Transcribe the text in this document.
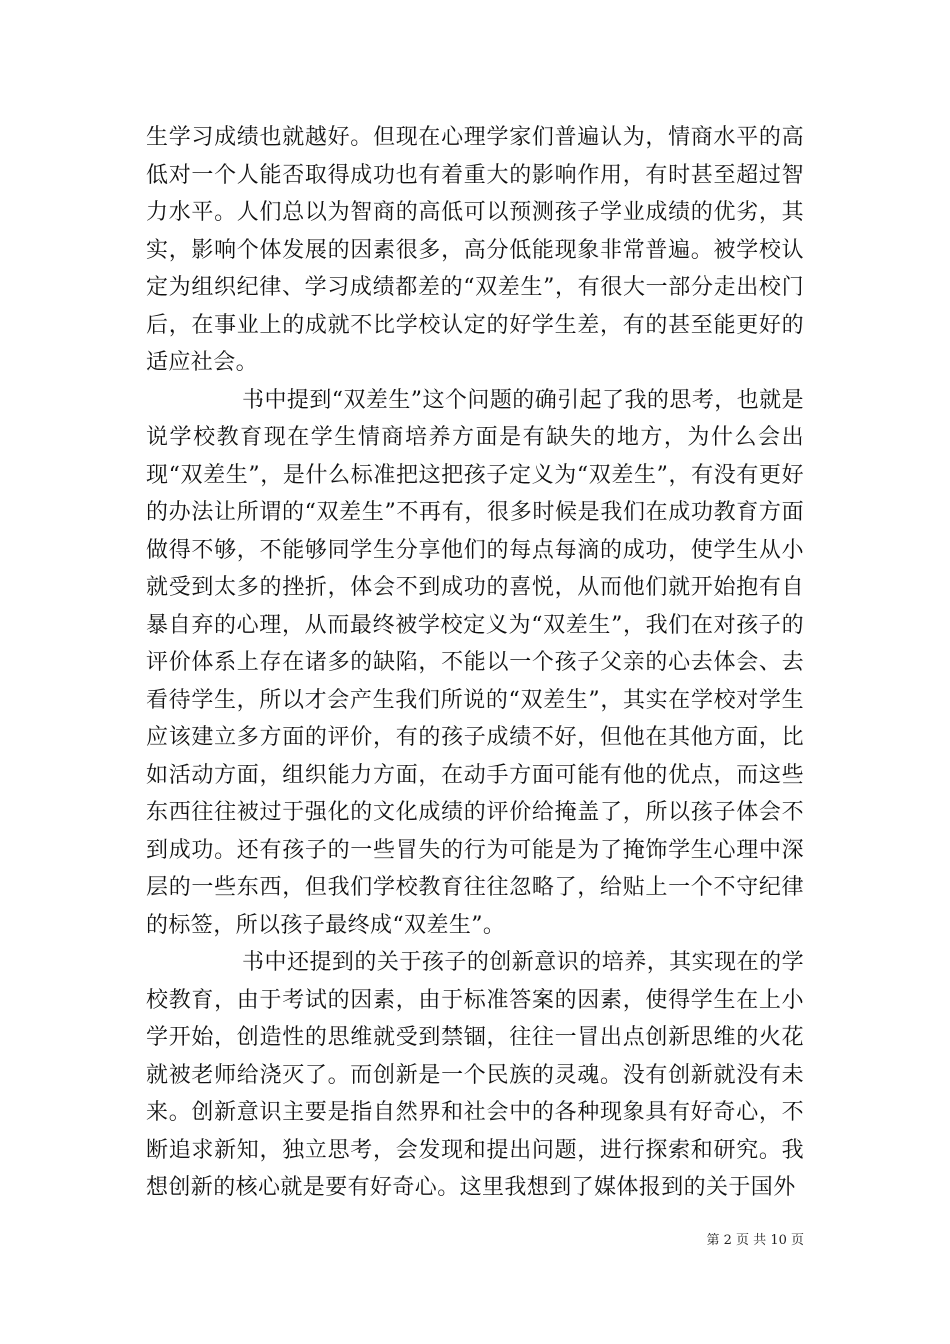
生学习成绩也就越好。但现在心理学家们普遍认为，情商水平的高低对一个人能否取得成功也有着重大的影响作用，有时甚至超过智力水平。人们总以为智商的高低可以预测孩子学业成绩的优劣，其实，影响个体发展的因素很多，高分低能现象非常普遍。被学校认定为组织纪律、学习成绩都差的“双差生”，有很大一部分走出校门后，在事业上的成就不比学校认定的好学生差，有的甚至能更好的适应社会。

书中提到“双差生”这个问题的确引起了我的思考，也就是说学校教育现在学生情商培养方面是有缺失的地方，为什么会出现“双差生”，是什么标准把这把孩子定义为“双差生”，有没有更好的办法让所谓的“双差生”不再有，很多时候是我们在成功教育方面做得不够，不能够同学生分享他们的每点每滴的成功，使学生从小就受到太多的挫折，体会不到成功的喜悦，从而他们就开始抱有自暴自弃的心理，从而最终被学校定义为“双差生”，我们在对孩子的评价体系上存在诸多的缺陷，不能以一个孩子父亲的心去体会、去看待学生，所以才会产生我们所说的“双差生”，其实在学校对学生应该建立多方面的评价，有的孩子成绩不好，但他在其他方面，比如活动方面，组织能力方面，在动手方面可能有他的优点，而这些东西往往被过于强化的文化成绩的评价给掩盖了，所以孩子体会不到成功。还有孩子的一些冒失的行为可能是为了掩饰学生心理中深层的一些东西，但我们学校教育往往忽略了，给贴上一个不守纪律的标签，所以孩子最终成“双差生”。

书中还提到的关于孩子的创新意识的培养，其实现在的学校教育，由于考试的因素，由于标准答案的因素，使得学生在上小学开始，创造性的思维就受到禁锢，往往一冒出点创新思维的火花就被老师给浇灭了。而创新是一个民族的灵魂。没有创新就没有未来。创新意识主要是指自然界和社会中的各种现象具有好奇心，不断追求新知，独立思考，会发现和提出问题，进行探索和研究。我想创新的核心就是要有好奇心。这里我想到了媒体报到的关于国外

第 2 页 共 10 页
